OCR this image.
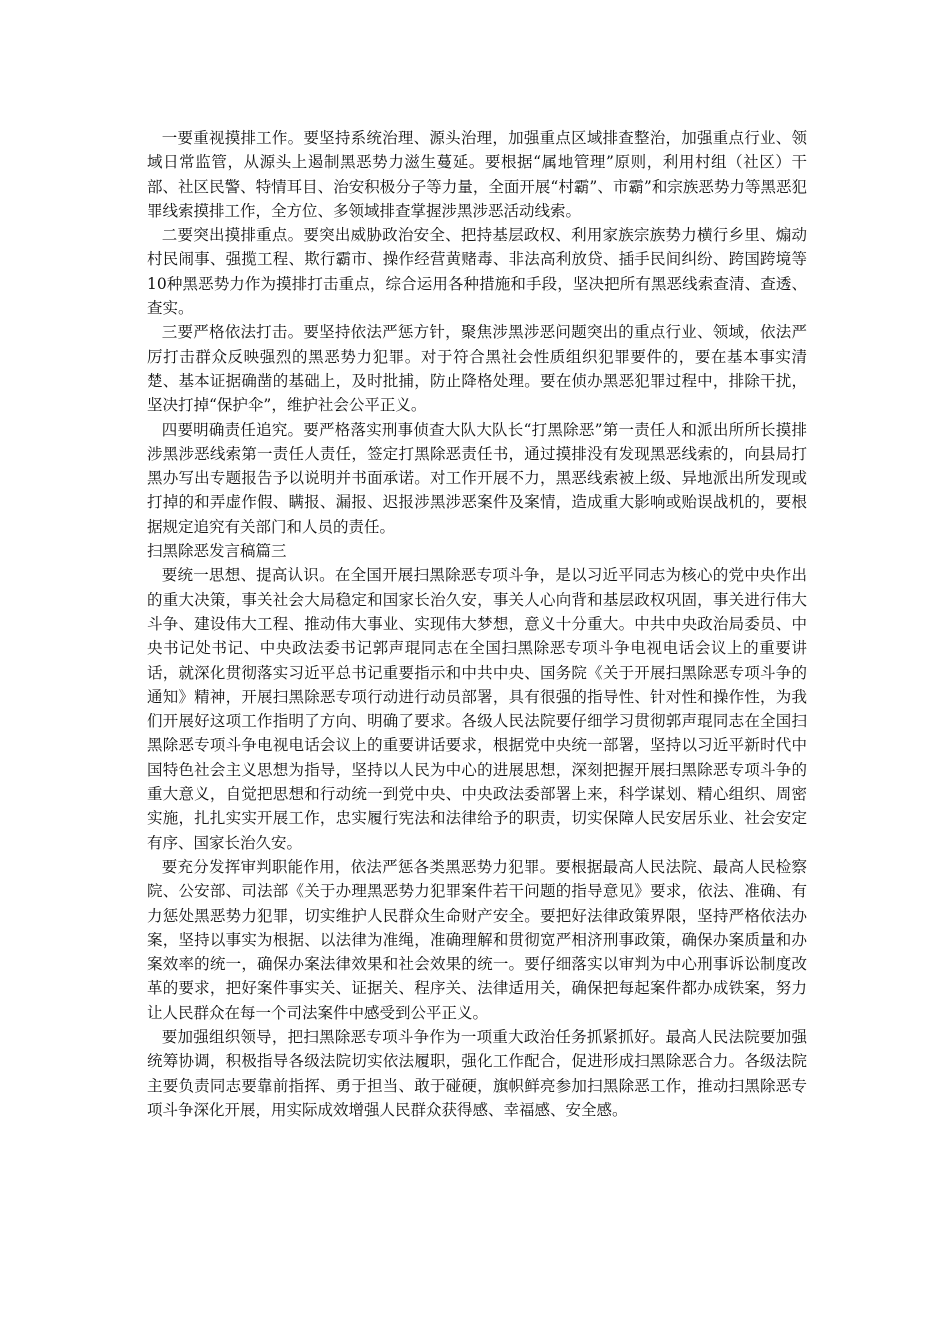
一要重视摸排工作。要坚持系统治理、源头治理，加强重点区域排查整治，加强重点行业、领域日常监管，从源头上遏制黑恶势力滋生蔓延。要根据“属地管理”原则，利用村组（社区）干部、社区民警、特情耳目、治安积极分子等力量，全面开展“村霸”、市霸”和宗族恶势力等黑恶犯罪线索摸排工作，全方位、多领域排查掌握涉黑涉恶活动线索。

二要突出摸排重点。要突出威胁政治安全、把持基层政权、利用家族宗族势力横行乡里、煽动村民闹事、强揽工程、欺行霸市、操作经营黄赌毒、非法高利放贷、插手民间纠纷、跨国跨境等10种黑恶势力作为摸排打击重点，综合运用各种措施和手段，坚决把所有黑恶线索查清、查透、查实。

三要严格依法打击。要坚持依法严惩方针，聚焦涉黑涉恶问题突出的重点行业、领域，依法严厉打击群众反映强烈的黑恶势力犯罪。对于符合黑社会性质组织犯罪要件的，要在基本事实清楚、基本证据确凿的基础上，及时批捕，防止降格处理。要在侦办黑恶犯罪过程中，排除干扰，坚决打掉“保护伞”，维护社会公平正义。

四要明确责任追究。要严格落实刑事侦查大队大队长“打黑除恶”第一责任人和派出所所长摸排涉黑涉恶线索第一责任人责任，签定打黑除恶责任书，通过摸排没有发现黑恶线索的，向县局打黑办写出专题报告予以说明并书面承诺。对工作开展不力，黑恶线索被上级、异地派出所发现或打掉的和弄虚作假、瞒报、漏报、迟报涉黑涉恶案件及案情，造成重大影响或贻误战机的，要根据规定追究有关部门和人员的责任。

扫黑除恶发言稿篇三

要统一思想、提高认识。在全国开展扫黑除恶专项斗争，是以习近平同志为核心的党中央作出的重大决策，事关社会大局稳定和国家长治久安，事关人心向背和基层政权巩固，事关进行伟大斗争、建设伟大工程、推动伟大事业、实现伟大梦想，意义十分重大。中共中央政治局委员、中央书记处书记、中央政法委书记郭声琨同志在全国扫黑除恶专项斗争电视电话会议上的重要讲话，就深化贯彻落实习近平总书记重要指示和中共中央、国务院《关于开展扫黑除恶专项斗争的通知》精神，开展扫黑除恶专项行动进行动员部署，具有很强的指导性、针对性和操作性，为我们开展好这项工作指明了方向、明确了要求。各级人民法院要仔细学习贯彻郭声琨同志在全国扫黑除恶专项斗争电视电话会议上的重要讲话要求，根据党中央统一部署，坚持以习近平新时代中国特色社会主义思想为指导，坚持以人民为中心的进展思想，深刻把握开展扫黑除恶专项斗争的重大意义，自觉把思想和行动统一到党中央、中央政法委部署上来，科学谋划、精心组织、周密实施，扎扎实实开展工作，忠实履行宪法和法律给予的职责，切实保障人民安居乐业、社会安定有序、国家长治久安。

要充分发挥审判职能作用，依法严惩各类黑恶势力犯罪。要根据最高人民法院、最高人民检察院、公安部、司法部《关于办理黑恶势力犯罪案件若干问题的指导意见》要求，依法、准确、有力惩处黑恶势力犯罪，切实维护人民群众生命财产安全。要把好法律政策界限，坚持严格依法办案，坚持以事实为根据、以法律为准绳，准确理解和贯彻宽严相济刑事政策，确保办案质量和办案效率的统一，确保办案法律效果和社会效果的统一。要仔细落实以审判为中心刑事诉讼制度改革的要求，把好案件事实关、证据关、程序关、法律适用关，确保把每起案件都办成铁案，努力让人民群众在每一个司法案件中感受到公平正义。

要加强组织领导，把扫黑除恶专项斗争作为一项重大政治任务抓紧抓好。最高人民法院要加强统筹协调，积极指导各级法院切实依法履职，强化工作配合，促进形成扫黑除恶合力。各级法院主要负责同志要靠前指挥、勇于担当、敢于碰硬，旗帜鲜亮参加扫黑除恶工作，推动扫黑除恶专项斗争深化开展，用实际成效增强人民群众获得感、幸福感、安全感。
